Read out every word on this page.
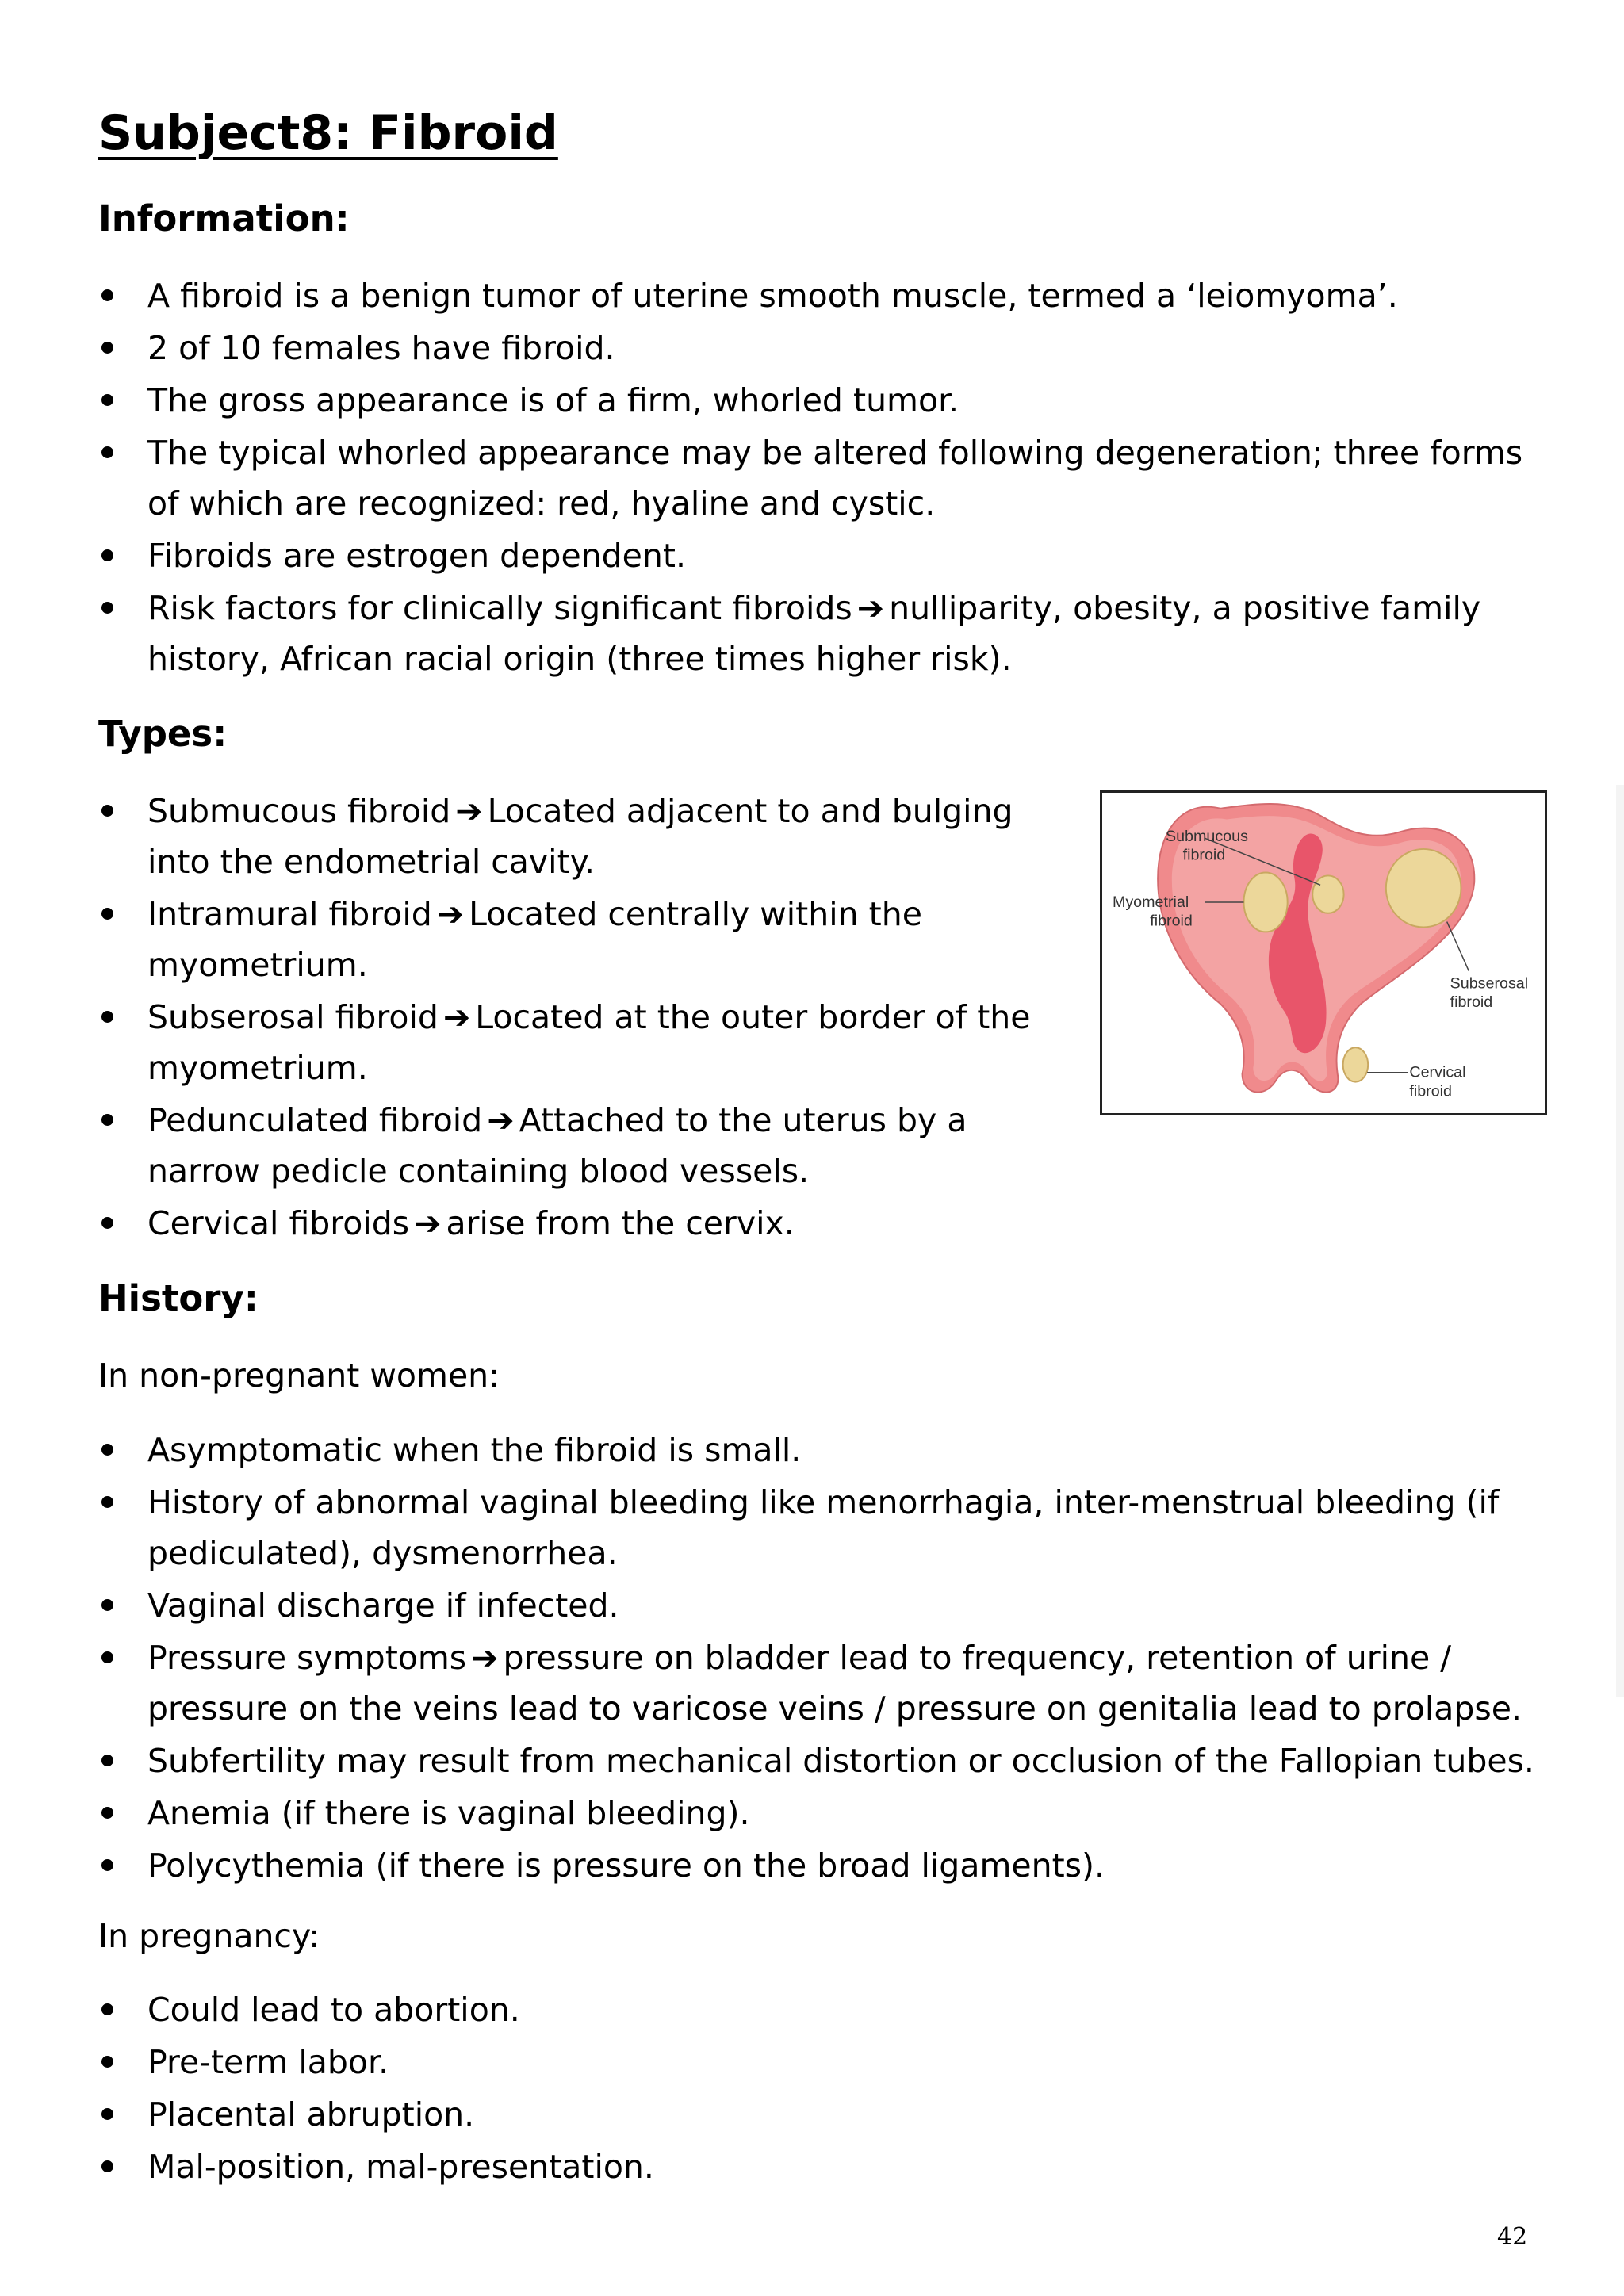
Subject8: Fibroid
Information:
A fibroid is a benign tumor of uterine smooth muscle, termed a ‘leiomyoma’.
2 of 10 females have fibroid.
The gross appearance is of a firm, whorled tumor.
The typical whorled appearance may be altered following degeneration; three forms of which are recognized: red, hyaline and cystic.
Fibroids are estrogen dependent.
Risk factors for clinically significant fibroids ➔ nulliparity, obesity, a positive family history, African racial origin (three times higher risk).
Types:
Submucous fibroid ➔ Located adjacent to and bulging into the endometrial cavity.
Intramural fibroid ➔ Located centrally within the myometrium.
Subserosal fibroid ➔ Located at the outer border of the myometrium.
Pedunculated fibroid ➔ Attached to the uterus by a narrow pedicle containing blood vessels.
Cervical fibroids ➔ arise from the cervix.
Submucous
fibroid
Myometrial
fibroid
Subserosal
fibroid
Cervical
fibroid
History:

In non-pregnant women:

Asymptomatic when the fibroid is small.
History of abnormal vaginal bleeding like menorrhagia, inter-menstrual bleeding (if pediculated), dysmenorrhea.
Vaginal discharge if infected.
Pressure symptoms ➔ pressure on bladder lead to frequency, retention of urine / pressure on the veins lead to varicose veins / pressure on genitalia lead to prolapse.
Subfertility may result from mechanical distortion or occlusion of the Fallopian tubes.
Anemia (if there is vaginal bleeding).
Polycythemia (if there is pressure on the broad ligaments).

In pregnancy:

Could lead to abortion.
Pre-term labor.
Placental abruption.
Mal-position, mal-presentation.
42
